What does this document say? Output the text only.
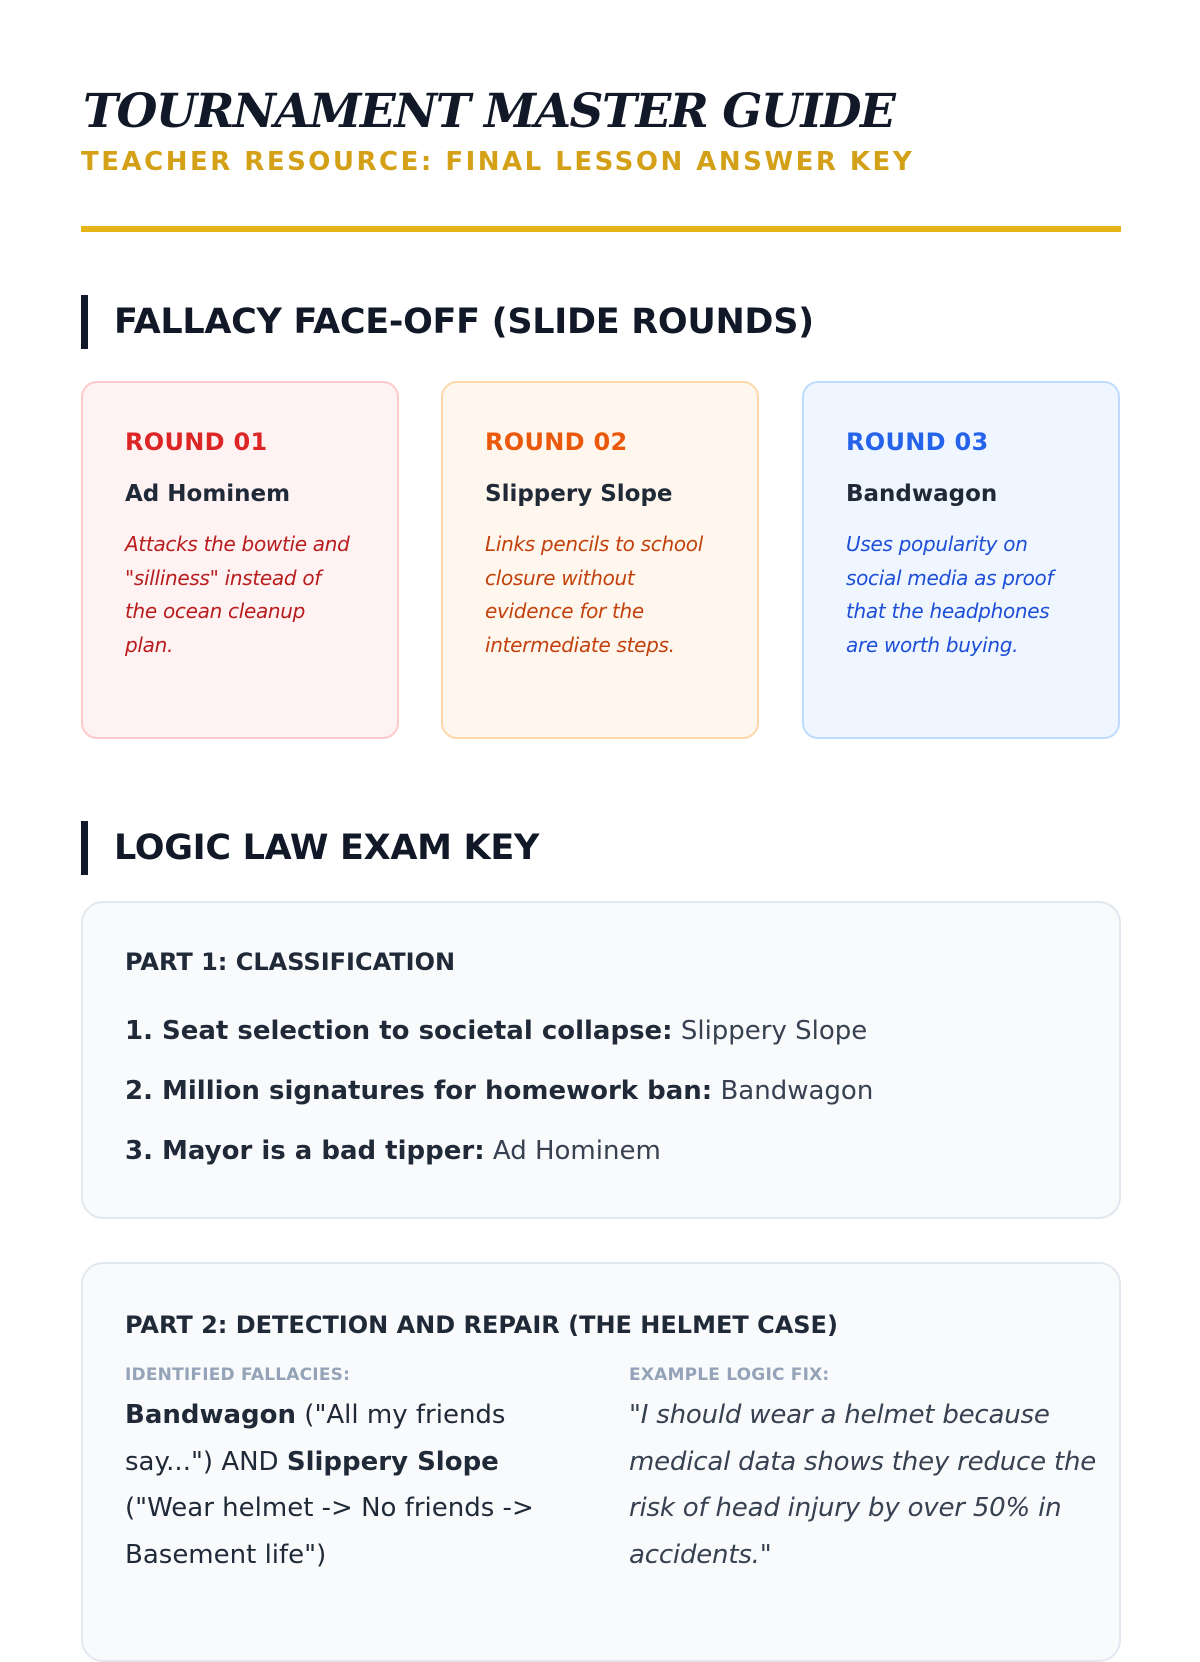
TOURNAMENT MASTER GUIDE

TEACHER RESOURCE: FINAL LESSON ANSWER KEY

FALLACY FACE-OFF (SLIDE ROUNDS)

ROUND 01

Ad Hominem

Attacks the bowtie and "silliness" instead of the ocean cleanup plan.

ROUND 02

Slippery Slope

Links pencils to school closure without evidence for the intermediate steps.

ROUND 03

Bandwagon

Uses popularity on social media as proof that the headphones are worth buying.

LOGIC LAW EXAM KEY

PART 1: CLASSIFICATION

1. Seat selection to societal collapse: Slippery Slope
2. Million signatures for homework ban: Bandwagon
3. Mayor is a bad tipper: Ad Hominem

PART 2: DETECTION AND REPAIR (THE HELMET CASE)

IDENTIFIED FALLACIES:

Bandwagon ("All my friends say...") AND Slippery Slope ("Wear helmet -> No friends -> Basement life")

EXAMPLE LOGIC FIX:

"I should wear a helmet because medical data shows they reduce the risk of head injury by over 50% in accidents."
